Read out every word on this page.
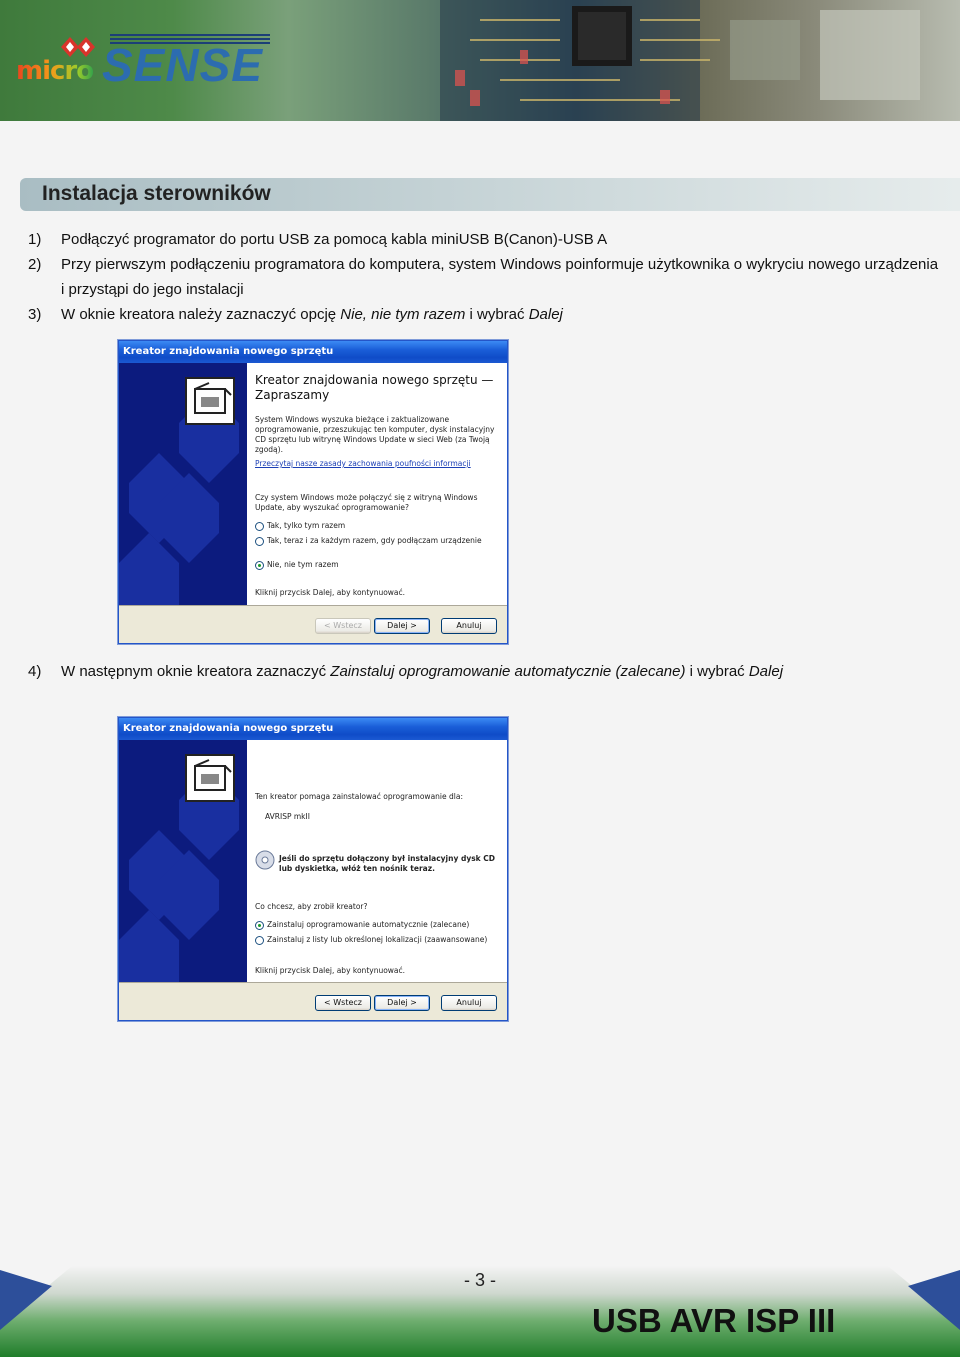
micro SENSE
Instalacja sterowników
1)	Podłączyć programator do portu USB za pomocą kabla miniUSB B(Canon)-USB A
2)	Przy pierwszym podłączeniu programatora do komputera, system Windows poinformuje użytkownika o wykryciu nowego urządzenia i przystąpi do jego instalacji
3)	W oknie kreatora należy zaznaczyć opcję Nie, nie tym razem i wybrać Dalej
Kreator znajdowania nowego sprzętu
Kreator znajdowania nowego sprzętu — Zapraszamy
System Windows wyszuka bieżące i zaktualizowane oprogramowanie, przeszukując ten komputer, dysk instalacyjny CD sprzętu lub witrynę Windows Update w sieci Web (za Twoją zgodą).
Przeczytaj nasze zasady zachowania poufności informacji
Czy system Windows może połączyć się z witryną Windows Update, aby wyszukać oprogramowanie?
Tak, tylko tym razem
Tak, teraz i za każdym razem, gdy podłączam urządzenie
Nie, nie tym razem
Kliknij przycisk Dalej, aby kontynuować.
< Wstecz	Dalej >	Anuluj
4)	W następnym oknie kreatora zaznaczyć Zainstaluj oprogramowanie automatycznie (zalecane) i wybrać Dalej
Kreator znajdowania nowego sprzętu
Ten kreator pomaga zainstalować oprogramowanie dla:
AVRISP mkII
Jeśli do sprzętu dołączony był instalacyjny dysk CD lub dyskietka, włóż ten nośnik teraz.
Co chcesz, aby zrobił kreator?
Zainstaluj oprogramowanie automatycznie (zalecane)
Zainstaluj z listy lub określonej lokalizacji (zaawansowane)
Kliknij przycisk Dalej, aby kontynuować.
< Wstecz	Dalej >	Anuluj
- 3 -
USB AVR ISP III
